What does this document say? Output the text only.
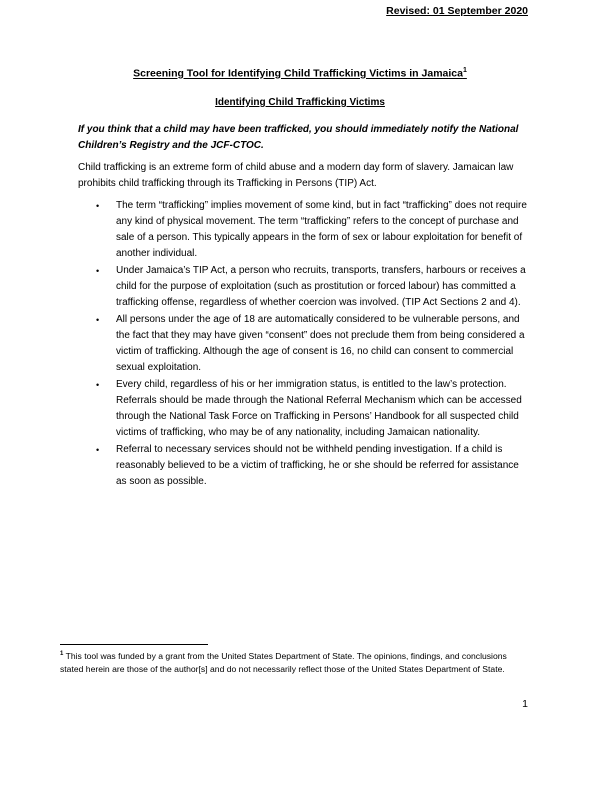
Revised: 01 September 2020
Screening Tool for Identifying Child Trafficking Victims in Jamaica$^1$
Identifying Child Trafficking Victims
If you think that a child may have been trafficked, you should immediately notify the National Children’s Registry and the JCF-CTOC.
Child trafficking is an extreme form of child abuse and a modern day form of slavery. Jamaican law prohibits child trafficking through its Trafficking in Persons (TIP) Act.
• The term “trafficking” implies movement of some kind, but in fact “trafficking” does not require any kind of physical movement. The term “trafficking” refers to the concept of purchase and sale of a person. This typically appears in the form of sex or labour exploitation for benefit of another individual.
• Under Jamaica’s TIP Act, a person who recruits, transports, transfers, harbours or receives a child for the purpose of exploitation (such as prostitution or forced labour) has committed a trafficking offense, regardless of whether coercion was involved. (TIP Act Sections 2 and 4).
• All persons under the age of 18 are automatically considered to be vulnerable persons, and the fact that they may have given “consent” does not preclude them from being considered a victim of trafficking. Although the age of consent is 16, no child can consent to commercial sexual exploitation.
• Every child, regardless of his or her immigration status, is entitled to the law’s protection. Referrals should be made through the National Referral Mechanism which can be accessed through the National Task Force on Trafficking in Persons’ Handbook for all suspected child victims of trafficking, who may be of any nationality, including Jamaican nationality.
• Referral to necessary services should not be withheld pending investigation. If a child is reasonably believed to be a victim of trafficking, he or she should be referred for assistance as soon as possible.
$^1$ This tool was funded by a grant from the United States Department of State. The opinions, findings, and conclusions stated herein are those of the author[s] and do not necessarily reflect those of the United States Department of State.
1
